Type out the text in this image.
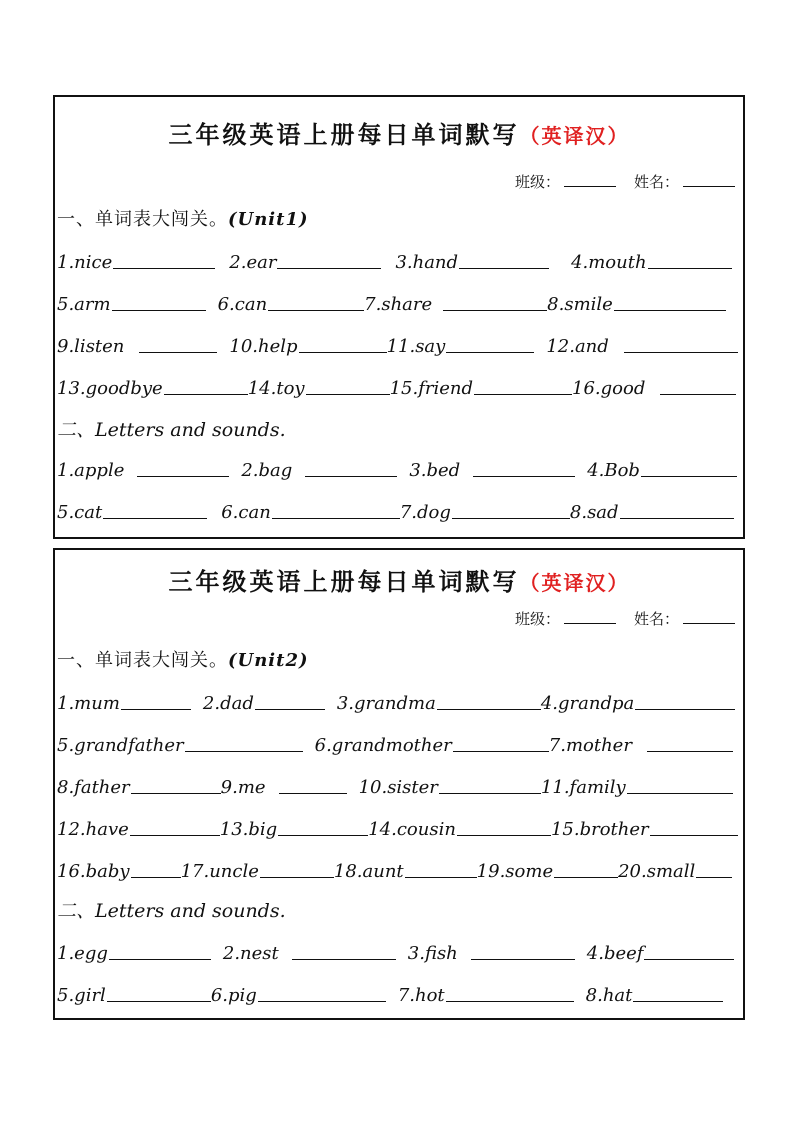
三年级英语上册每日单词默写（英译汉）
班级：	姓名：
一、单词表大闯关。(Unit1)
1.nice	2.ear	3.hand	4.mouth
5.arm	6.can	7.share	8.smile
9.listen	10.help	11.say	12.and
13.goodbye	14.toy	15.friend	16.good
二、Letters and sounds.
1.apple	2.bag	3.bed	4.Bob
5.cat	6.can	7.dog	8.sad
三年级英语上册每日单词默写（英译汉）
班级：	姓名：
一、单词表大闯关。(Unit2)
1.mum	2.dad	3.grandma	4.grandpa
5.grandfather	6.grandmother	7.mother
8.father	9.me	10.sister	11.family
12.have	13.big	14.cousin	15.brother
16.baby	17.uncle	18.aunt	19.some	20.small
二、Letters and sounds.
1.egg	2.nest	3.fish	4.beef
5.girl	6.pig	7.hot	8.hat
